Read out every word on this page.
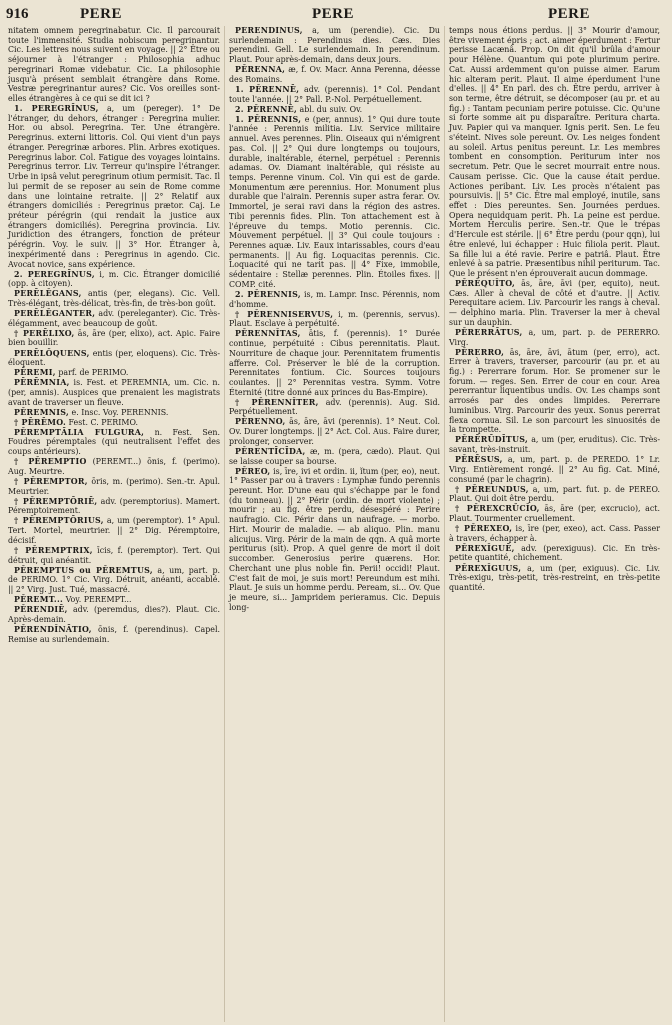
916	PERE	PERE	PERE

nitatem omnem peregrinabatur. Cic. Il parcourait toute l'immensité. Studia nobiscum peregrinantur. Cic. Les lettres nous suivent en voyage. || 2° Être ou séjourner à l'étranger : Philosophia adhuc peregrinari Romæ videbatur. Cic. La philosophie jusqu'à présent semblait étrangère dans Rome. Vestræ peregrinantur aures? Cic. Vos oreilles sont-elles étrangères à ce qui se dit ici ?

1. PEREGRĪNUS, a, um (pereger). 1° De l'étranger, du dehors, étranger : Peregrina mulier. Hor. ou absol. Peregrina. Ter. Une étrangère. Peregrinus. externi littoris. Col. Qui vient d'un pays étranger. Peregrinæ arbores. Plin. Arbres exotiques. Peregrinus labor. Col. Fatigue des voyages lointains. Peregrinus terror. Liv. Terreur qu'inspire l'étranger. Urbe in ipsâ velut peregrinum otium permisit. Tac. Il lui permit de se reposer au sein de Rome comme dans une lointaine retraite. || 2° Relatif aux étrangers domiciliés : Peregrinus prætor. Caj. Le préteur pérégrin (qui rendait la justice aux étrangers domiciliés). Peregrina provincia. Liv. Juridiction des étrangers, fonction de préteur pérégrin. Voy. le suiv. || 3° Hor. Étranger à, inexpérimenté dans : Peregrinus in agendo. Cic. Avocat novice, sans expérience.

2. PEREGRĪNUS, i, m. Cic. Étranger domicilié (opp. à citoyen).

PERĒLĔGANS, antis (per, elegans). Cic. Vell. Très-élégant, très-délicat, très-fin, de très-bon goût.

PERĒLĔGANTER, adv. (pereleganter). Cic. Très-élégamment, avec beaucoup de goût.

† PERĒLIXO, ās, āre (per, elixo), act. Apic. Faire bien bouillir.

PERĒLŎQUENS, entis (per, eloquens). Cic. Très-éloquent.

PĒREMI, parf. de PERIMO.

PĒRĒMNIA, is. Fest. et PEREMNIA, um. Cic. n. (per, amnis). Auspices que prenaient les magistrats avant de traverser un fleuve.

PĔREMNIS, e. Insc. Voy. PERENNIS.

† PĒRĒMO. Fest. C. PERIMO.

PĔREMPTĀLIA FULGURA, n. Fest. Sen. Foudres péremptales (qui neutralisent l'effet des coups antérieurs).

† PĔREMPTIO (PEREMT...) ōnis, f. (perimo). Aug. Meurtre.

† PĔREMPTOR, ōris, m. (perimo). Sen.-tr. Apul. Meurtrier.

† PĔREMPTŌRIĒ, adv. (peremptorius). Mamert. Péremptoirement.

† PĔREMPTŌRIUS, a, um (peremptor). 1° Apul. Tert. Mortel, meurtrier. || 2° Dig. Péremptoire, décisif.

† PĔREMPTRIX, īcis, f. (peremptor). Tert. Qui détruit, qui anéantit.

PĔREMPTUS ou PĔREMTUS, a, um, part. p. de PERIMO. 1° Cic. Virg. Détruit, anéanti, accablé. || 2° Virg. Just. Tué, massacré.

PĔREMT... Voy. PEREMPT...

PĔRENDIĒ, adv. (peremdus, dies?). Plaut. Cic. Après-demain.

PĔRENDĬNĀTIO, ōnis, f. (perendinus). Capel. Remise au surlendemain.

PĔRENDĬNUS, a, um (perendie). Cic. Du surlendemain : Perendinus dies. Cæs. Dies perendini. Gell. Le surlendemain. In perendinum. Plaut. Pour après-demain, dans deux jours.

PĔRENNA, æ, f. Ov. Macr. Anna Perenna, déesse des Romains.

1. PĔRENNĒ, adv. (perennis). 1° Col. Pendant toute l'année. || 2° Pall. P.-Nol. Perpétuellement.

2. PĔRENNĒ, abl. du suiv. Ov.

1. PĔRENNIS, e (per, annus). 1° Qui dure toute l'année : Perennis militia. Liv. Service militaire annuel. Aves perennes. Plin. Oiseaux qui n'émigrent pas. Col. || 2° Qui dure longtemps ou toujours, durable, inaltérable, éternel, perpétuel : Perennis adamas. Ov. Diamant inaltérable, qui résiste au temps. Perenne vinum. Col. Vin qui est de garde. Monumentum ære perennius. Hor. Monument plus durable que l'airain. Perennis super astra ferar. Ov. Immortel, je serai ravi dans la région des astres. Tibi perennis fides. Plin. Ton attachement est à l'épreuve du temps. Motio perennis. Cic. Mouvement perpétuel. || 3° Qui coule toujours : Perennes aquæ. Liv. Eaux intarissables, cours d'eau permanents. || Au fig. Loquacitas perennis. Cic. Loquacité qui ne tarit pas. || 4° Fixe, immobile, sédentaire : Stellæ perennes. Plin. Étoiles fixes. || COMP. cité.

2. PĔRENNIS, is, m. Lampr. Insc. Pérennis, nom d'homme.

† PĔRENNISERVUS, i, m. (perennis, servus). Plaut. Esclave à perpétuité.

PĔRENNĬTAS, ātis, f. (perennis). 1° Durée continue, perpétuité : Cibus perennitatis. Plaut. Nourriture de chaque jour. Perennitatem frumentis afferre. Col. Préserver le blé de la corruption. Perennitates fontium. Cic. Sources toujours coulantes. || 2° Perennitas vestra. Symm. Votre Éternité (titre donné aux princes du Bas-Empire).

† PĔRENNĬTER, adv. (perennis). Aug. Sid. Perpétuellement.

PĔRENNO, ās, āre, āvi (perennis). 1° Neut. Col. Ov. Durer longtemps. || 2° Act. Col. Aus. Faire durer, prolonger, conserver.

PĔRENTĪCĪDA, æ, m. (pera, cædo). Plaut. Qui se laisse couper sa bourse.

PĔREO, is, īre, ivi et ordin. ii, ĭtum (per, eo), neut. 1° Passer par ou à travers : Lymphæ fundo perennis pereunt. Hor. D'une eau qui s'échappe par le fond (du tonneau). || 2° Périr (ordin. de mort violente) ; mourir ; au fig. être perdu, désespéré : Perire naufragio. Cic. Périr dans un naufrage. — morbo. Hirt. Mourir de maladie. — ab aliquo. Plin. manu alicujus. Virg. Périr de la main de qqn. A quâ morte periturus (sit). Prop. A quel genre de mort il doit succomber. Generosius perire quærens. Hor. Cherchant une plus noble fin. Perii! occidi! Plaut. C'est fait de moi, je suis mort! Pereundum est mihi. Plaut. Je suis un homme perdu. Peream, si... Ov. Que je meure, si... Jampridem perieramus. Cic. Depuis long-

temps nous étions perdus. || 3° Mourir d'amour, être vivement épris ; act. aimer éperdument : Fertur perisse Lacænâ. Prop. On dit qu'il brûla d'amour pour Hélène. Quantum qui pote plurimum perire. Cat. Aussi ardemment qu'on puisse aimer. Earum hic alteram perit. Plaut. Il aime éperdument l'une d'elles. || 4° En parl. des ch. Être perdu, arriver à son terme, être détruit, se décomposer (au pr. et au fig.) : Tantam pecuniam perire potuisse. Cic. Qu'une si forte somme ait pu disparaître. Peritura charta. Juv. Papier qui va manquer. Ignis perit. Sen. Le feu s'éteint. Nives sole pereunt. Ov. Les neiges fondent au soleil. Artus penitus pereunt. Lr. Les membres tombent en consomption. Periturum inter nos secretum. Petr. Que le secret mourrait entre nous. Causam perisse. Cic. Que la cause était perdue. Actiones peribant. Liv. Les procès n'étaient pas poursuivis. || 5° Cic. Être mal employé, inutile, sans effet : Dies pereuntes. Sen. Journées perdues. Opera nequidquam perit. Ph. La peine est perdue. Mortem Herculis perire. Sen.-tr. Que le trépas d'Hercule est stérile. || 6° Être perdu (pour qqn), lui être enlevé, lui échapper : Huic filiola perit. Plaut. Sa fille lui a été ravie. Perire e patriâ. Plaut. Être enlevé à sa patrie. Præsentibus nihil periturum. Tac. Que le présent n'en éprouverait aucun dommage.

PĔRĔQUĬTO, ās, āre, āvi (per, equito), neut. Cæs. Aller à cheval de côté et d'autre. || Activ. Perequitare aciem. Liv. Parcourir les rangs à cheval. — delphino maria. Plin. Traverser la mer à cheval sur un dauphin.

PĔRERRĀTUS, a, um, part. p. de PERERRO. Virg.

PĔRERRO, ās, āre, āvi, ātum (per, erro), act. Errer à travers, traverser, parcourir (au pr. et au fig.) : Pererrare forum. Hor. Se promener sur le forum. — reges. Sen. Errer de cour en cour. Area pererrantur liquentibus undis. Ov. Les champs sont arrosés par des ondes limpides. Pererrare luminibus. Virg. Parcourir des yeux. Sonus pererrat flexa cornua. Sil. Le son parcourt les sinuosités de la trompette.

PĔRĒRŪDĪTUS, a, um (per, eruditus). Cic. Très-savant, très-instruit.

PĔRĒSUS, a, um, part. p. de PEREDO. 1° Lr. Virg. Entièrement rongé. || 2° Au fig. Cat. Miné, consumé (par le chagrin).

† PĔREUNDUS, a, um, part. fut. p. de PEREO. Plaut. Qui doit être perdu.

† PĔREXCRŬCĬO, ās, āre (per, excrucio), act. Plaut. Tourmenter cruellement.

† PĔREXEO, is, īre (per, exeo), act. Cass. Passer à travers, échapper à.

PĔREXĬGUĒ, adv. (perexiguus). Cic. En très-petite quantité, chichement.

PĔREXĬGUUS, a, um (per, exiguus). Cic. Liv. Très-exigu, très-petit, très-restreint, en très-petite quantité.
